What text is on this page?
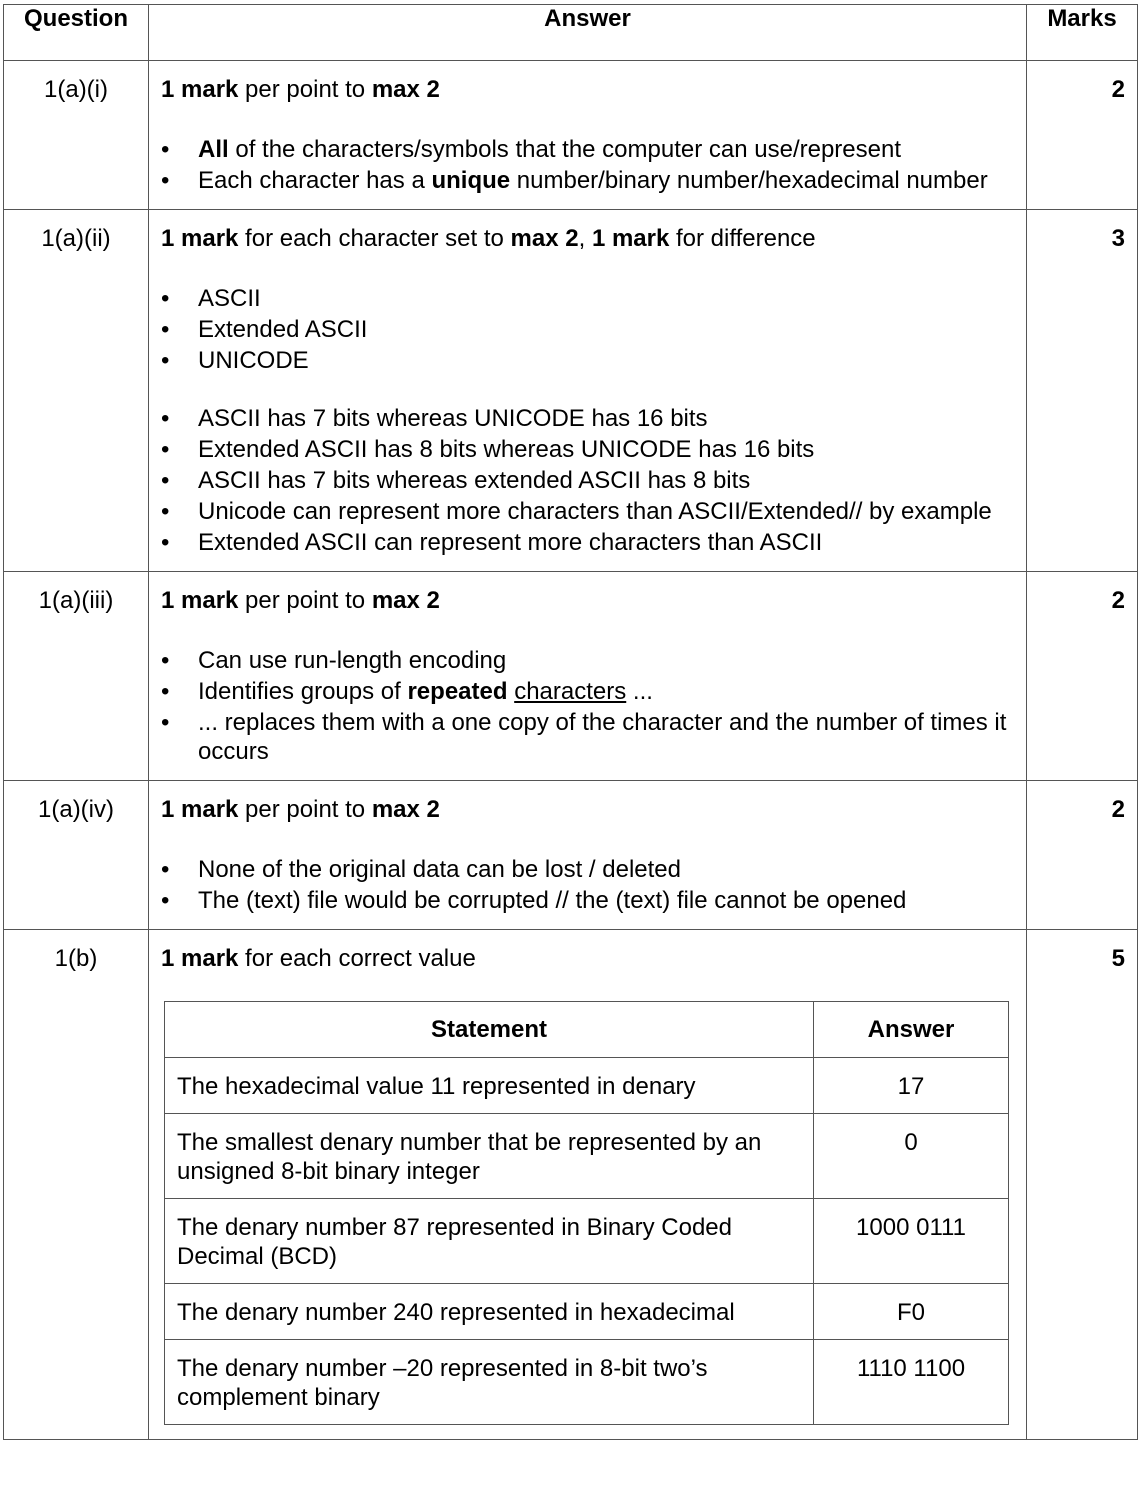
Question	Answer	Marks
1(a)(i)	1 mark per point to max 2
• All of the characters/symbols that the computer can use/represent
• Each character has a unique number/binary number/hexadecimal number
	2
1(a)(ii)	1 mark for each character set to max 2, 1 mark for difference
• ASCII
• Extended ASCII
• UNICODE
• ASCII has 7 bits whereas UNICODE has 16 bits
• Extended ASCII has 8 bits whereas UNICODE has 16 bits
• ASCII has 7 bits whereas extended ASCII has 8 bits
• Unicode can represent more characters than ASCII/Extended// by example
• Extended ASCII can represent more characters than ASCII
	3
1(a)(iii)	1 mark per point to max 2
• Can use run-length encoding
• Identifies groups of repeated characters ...
• ... replaces them with a one copy of the character and the number of times it occurs
	2
1(a)(iv)	1 mark per point to max 2
• None of the original data can be lost / deleted
• The (text) file would be corrupted // the (text) file cannot be opened
	2
1(b)	1 mark for each correct value
Statement	Answer
The hexadecimal value 11 represented in denary	17
The smallest denary number that be represented by an unsigned 8-bit binary integer	0
The denary number 87 represented in Binary Coded Decimal (BCD)	1000 0111
The denary number 240 represented in hexadecimal	F0
The denary number –20 represented in 8-bit two’s complement binary	1110 1100
	5
